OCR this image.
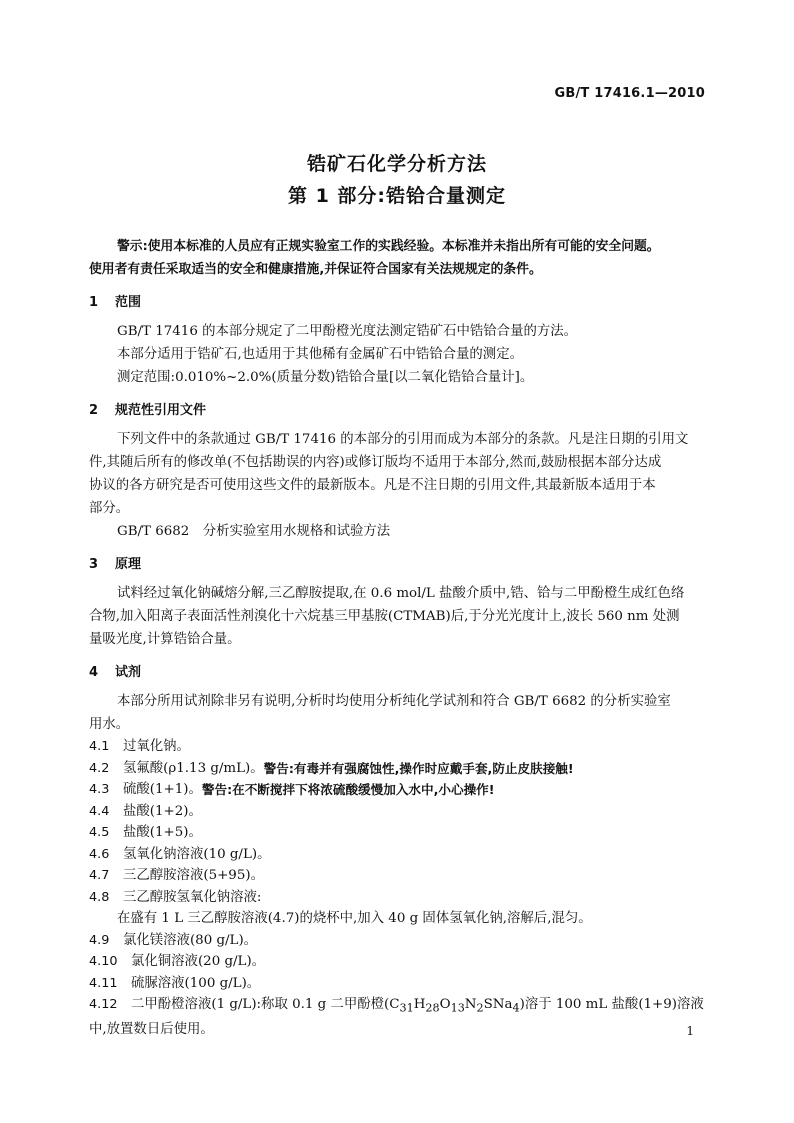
GB/T 17416.1—2010
锆矿石化学分析方法
第 1 部分:锆铪合量测定

警示:使用本标准的人员应有正规实验室工作的实践经验。本标准并未指出所有可能的安全问题。

使用者有责任采取适当的安全和健康措施,并保证符合国家有关法规规定的条件。

1	范围

GB/T 17416 的本部分规定了二甲酚橙光度法测定锆矿石中锆铪合量的方法。

本部分适用于锆矿石,也适用于其他稀有金属矿石中锆铪合量的测定。

测定范围:0.010%~2.0%(质量分数)锆铪合量[以二氧化锆铪合量计]。

2	规范性引用文件

下列文件中的条款通过 GB/T 17416 的本部分的引用而成为本部分的条款。凡是注日期的引用文

件,其随后所有的修改单(不包括勘误的内容)或修订版均不适用于本部分,然而,鼓励根据本部分达成

协议的各方研究是否可使用这些文件的最新版本。凡是不注日期的引用文件,其最新版本适用于本

部分。

GB/T 6682　分析实验室用水规格和试验方法

3	原理

试料经过氧化钠碱熔分解,三乙醇胺提取,在 0.6 mol/L 盐酸介质中,锆、铪与二甲酚橙生成红色络

合物,加入阳离子表面活性剂溴化十六烷基三甲基胺(CTMAB)后,于分光光度计上,波长 560 nm 处测

量吸光度,计算锆铪合量。

4	试剂

本部分所用试剂除非另有说明,分析时均使用分析纯化学试剂和符合 GB/T 6682 的分析实验室

用水。

4.1	过氧化钠。
4.2	氢氟酸(ρ1.13 g/mL)。 警告:有毒并有强腐蚀性,操作时应戴手套,防止皮肤接触!
4.3	硫酸(1+1)。 警告:在不断搅拌下将浓硫酸缓慢加入水中,小心操作!
4.4	盐酸(1+2)。
4.5	盐酸(1+5)。
4.6	氢氧化钠溶液(10 g/L)。
4.7	三乙醇胺溶液(5+95)。
4.8	三乙醇胺氢氧化钠溶液:

在盛有 1 L 三乙醇胺溶液(4.7)的烧杯中,加入 40 g 固体氢氧化钠,溶解后,混匀。

4.9	氯化镁溶液(80 g/L)。
4.10	氯化铜溶液(20 g/L)。
4.11	硫脲溶液(100 g/L)。
4.12	二甲酚橙溶液(1 g/L):称取 0.1 g 二甲酚橙$(C_{31}H_{28}O_{13}N_2SNa_4)$溶于 100 mL 盐酸(1+9)溶液

中,放置数日后使用。	1
